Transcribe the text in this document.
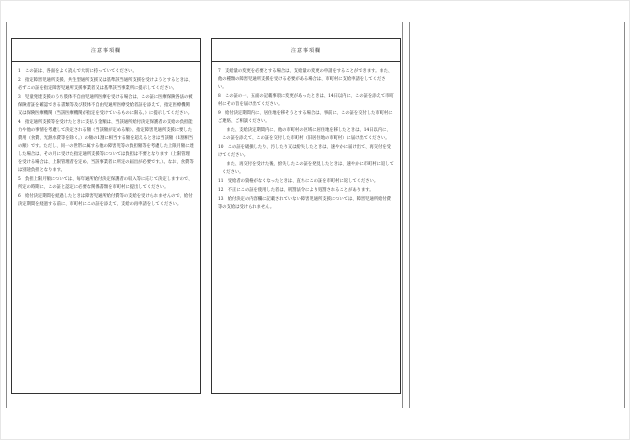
注意事項欄

1　この証は、各面をよく読んで大切に持っていてください。

2　指定障害児通所支援、共生型通所支援又は基準該当通所支援を受けようとするときは、必ずこの証を指定障害児通所支援事業者又は基準該当事業所に提示してください。

3　児童発達支援のうち肢体不自由児通所医療を受ける場合は、この証に医療保険各法の被保険者証を確認できる書類等及び肢体不自由児通所医療受給者証を添えて、指定医療機関又は保険医療機関（当該医療機関が指定を受けているものに限る。）に提示してください。

4　指定通所支援等を受けたときに支払う金額は、当該通所給付決定保護者の支給の負担能力や他の事情を考慮して決定される額（当該額が定める額）、指定障害児通所支援に要した費用（食費、光熱水費等を除く。）の額の1割に相当する額を超えるときは当該額（1割相当の額）です。ただし、同一の世帯に属する他の障害児等の負担額等を考慮した上限月額に達した場合は、その月に受けた指定通所支援等については負担は不要となります（上限管理を受ける場合は、上限管理者を定め、当該事業者に所定の届出が必要です。）。なお、食費等は別途負担となります。

5　負担上限月額については、毎年通所給付決定保護者の収入等に応じて決定しますので、所定の時期に、この証と認定に必要な関係書類を市町村に提出してください。

6　給付決定期間を経過したときは障害児通所給付費等の支給を受けられませんので、給付決定期間を経過する前に、市町村にこの証を添えて、支給の再申請をしてください。

注意事項欄

7　支給量の変更を必要とする場合は、支給量の変更の申請をすることができます。また、他の種類の障害児通所支援を受ける必要がある場合は、市町村に支給申請をしてください。

8　この証の一、五面の記載事項に変更があったときは、14日以内に、この証を添えて市町村にその旨を届け出てください。

9　給付決定期間内に、居住地を移そうとする場合は、事前に、この証を交付した市町村にご連絡、ご相談ください。

　また、支給決定期間内に、他の市町村の区域に居住地を移したときは、14日以内に、この証を添えて、この証を交付した市町村（旧居住地の市町村）に届け出てください。

10　この証を破損したり、汚したり又は紛失したときは、速やかに届け出て、再交付を受けてください。

　また、再交付を受けた後、紛失したこの証を発見したときは、速やかに市町村に返してください。

11　受給者の資格がなくなったときは、直ちにこの証を市町村に返してください。

12　不正にこの証を使用した者は、刑罰法令により処罰されることがあります。

13　給付決定の内容欄に記載されていない障害児通所支援については、障害児通所給付費等の支給は受けられません。
